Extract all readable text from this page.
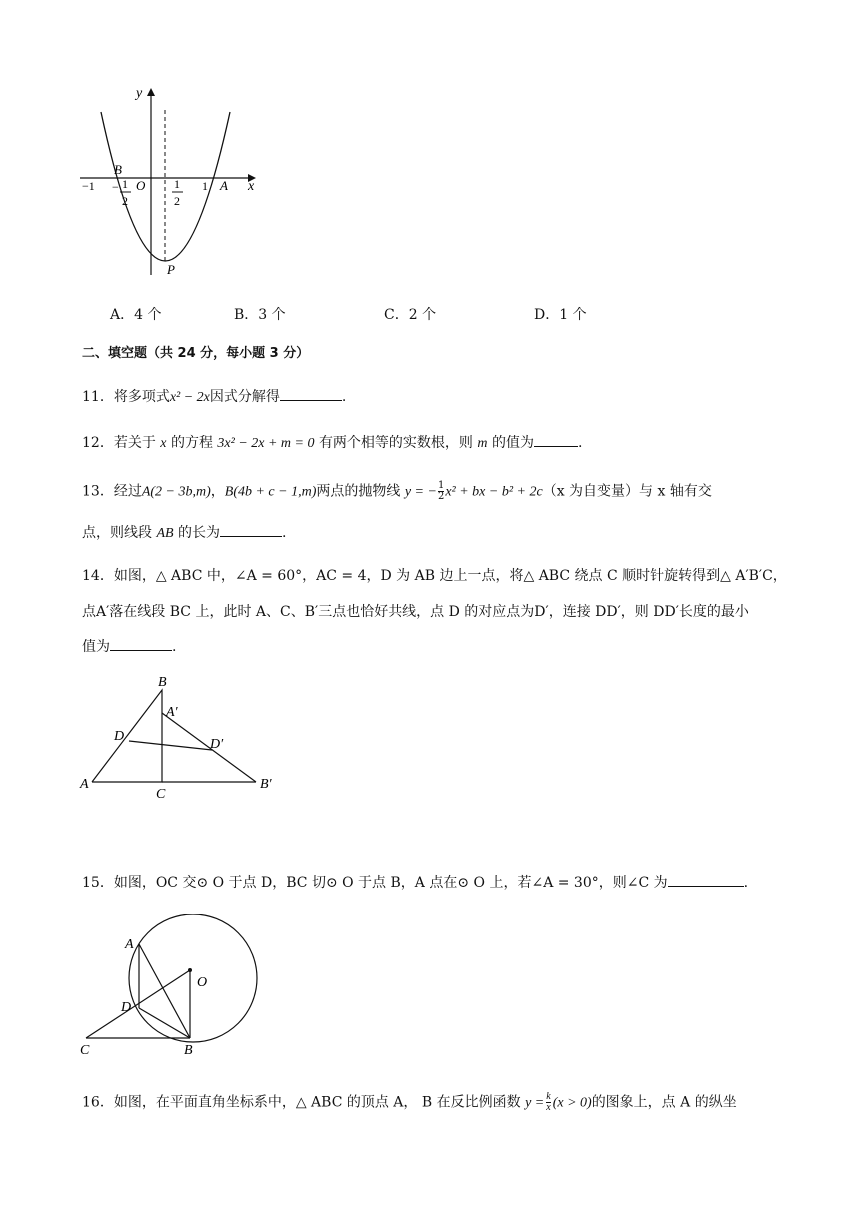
y
x
O
B
A
P
−1	1
− 1
2
1
2
A．4 个	B．3 个	C．2 个	D．1 个
二、填空题（共 24 分，每小题 3 分）
11．将多项式x² − 2x因式分解得	.
12．若关于 x 的方程 3x² − 2x + m = 0 有两个相等的实数根，则 m 的值为	.
13．经过A(2 − 3b,m)，B(4b + c − 1,m)两点的抛物线 y = − $\frac{1}{2} x^2$ + bx − b² + 2c（x 为自变量）与 x 轴有交
点，则线段 AB 的长为	.
14．如图，△ ABC 中，∠A = 60°，AC = 4，D 为 AB 边上一点，将△ ABC 绕点 C 顺时针旋转得到△ A′B′C，
点A′落在线段 BC 上，此时 A、C、B′三点也恰好共线，点 D 的对应点为D′，连接 DD′，则 DD′长度的最小
值为	.
B
A′
D
D′
A
C
B′
15．如图，OC 交⊙ O 于点 D，BC 切⊙ O 于点 B，A 点在⊙ O 上，若∠A = 30°，则∠C 为	.
A
O
D
C	B
16．如图，在平面直角坐标系中，△ ABC 的顶点 A， B 在反比例函数 $y = \frac{k}{x} (x > 0)$的图象上，点 A 的纵坐
